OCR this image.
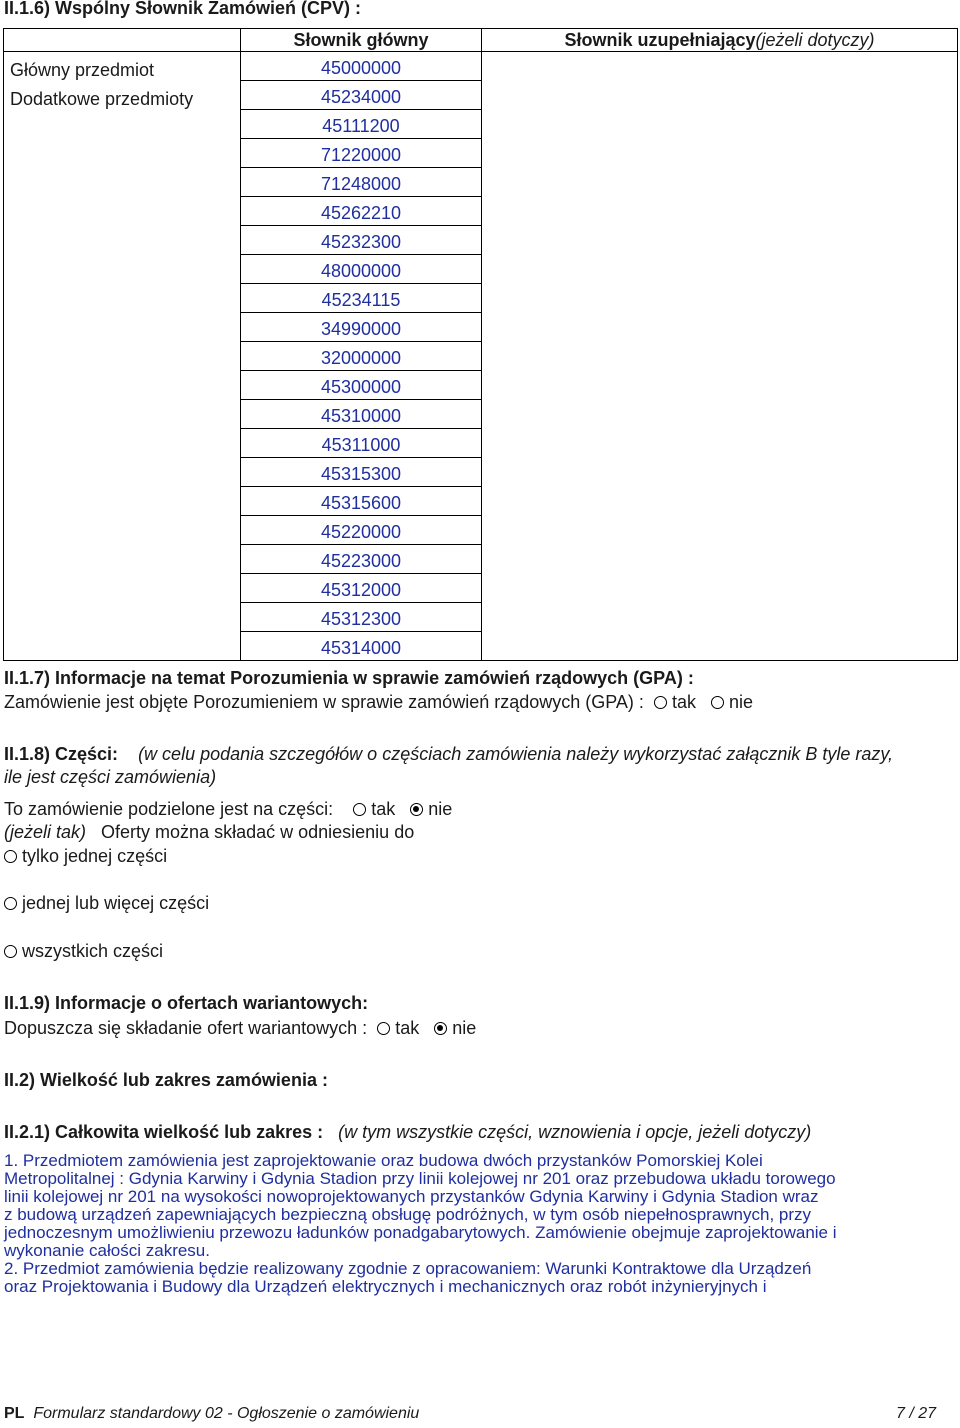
II.1.6) Wspólny Słownik Zamówień (CPV) :
	Słownik główny	Słownik uzupełniający(jeżeli dotyczy)
Główny przedmiot	45000000	
Dodatkowe przedmioty	45234000	
	45111200	
	71220000	
	71248000	
	45262210	
	45232300	
	48000000	
	45234115	
	34990000	
	32000000	
	45300000	
	45310000	
	45311000	
	45315300	
	45315600	
	45220000	
	45223000	
	45312000	
	45312300	
	45314000	
II.1.7) Informacje na temat Porozumienia w sprawie zamówień rządowych (GPA) :
Zamówienie jest objęte Porozumieniem w sprawie zamówień rządowych (GPA) : tak nie
II.1.8) Części: (w celu podania szczegółów o częściach zamówienia należy wykorzystać załącznik B tyle razy,
ile jest części zamówienia)
To zamówienie podzielone jest na części: tak nie
(jeżeli tak) Oferty można składać w odniesieniu do
tylko jednej części
jednej lub więcej części
wszystkich części
II.1.9) Informacje o ofertach wariantowych:
Dopuszcza się składanie ofert wariantowych : tak nie
II.2) Wielkość lub zakres zamówienia :
II.2.1) Całkowita wielkość lub zakres : (w tym wszystkie części, wznowienia i opcje, jeżeli dotyczy)

1. Przedmiotem zamówienia jest zaprojektowanie oraz budowa dwóch przystanków Pomorskiej Kolei

Metropolitalnej : Gdynia Karwiny i Gdynia Stadion przy linii kolejowej nr 201 oraz przebudowa układu torowego

linii kolejowej nr 201 na wysokości nowoprojektowanych przystanków Gdynia Karwiny i Gdynia Stadion wraz

z budową urządzeń zapewniających bezpieczną obsługę podróżnych, w tym osób niepełnosprawnych, przy

jednoczesnym umożliwieniu przewozu ładunków ponadgabarytowych. Zamówienie obejmuje zaprojektowanie i

wykonanie całości zakresu.

2. Przedmiot zamówienia będzie realizowany zgodnie z opracowaniem: Warunki Kontraktowe dla Urządzeń

oraz Projektowania i Budowy dla Urządzeń elektrycznych i mechanicznych oraz robót inżynieryjnych i

PL Formularz standardowy 02 - Ogłoszenie o zamówieniu	7 / 27
